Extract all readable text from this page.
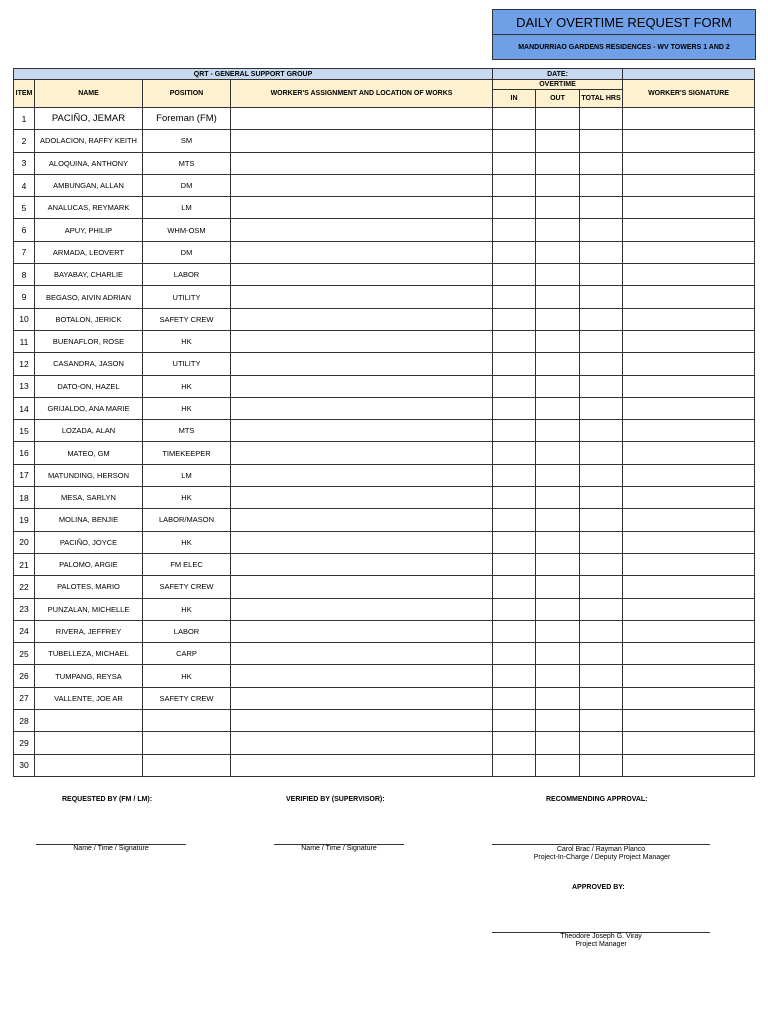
DAILY OVERTIME REQUEST FORM
MANDURRIAO GARDENS RESIDENCES - WV TOWERS 1 AND 2
QRT - GENERAL SUPPORT GROUP				DATE:			
ITEM	NAME	POSITION	WORKER'S ASSIGNMENT AND LOCATION OF WORKS	OVERTIME			WORKER'S SIGNATURE
				IN	OUT	TOTAL HRS	
1	PACIÑO, JEMAR	Foreman (FM)					
2	ADOLACION, RAFFY KEITH	SM					
3	ALOQUINA, ANTHONY	MTS					
4	AMBUNGAN, ALLAN	DM					
5	ANALUCAS, REYMARK	LM					
6	APUY, PHILIP	WHM-OSM					
7	ARMADA, LEOVERT	DM					
8	BAYABAY, CHARLIE	LABOR					
9	BEGASO, AIVIN ADRIAN	UTILITY					
10	BOTALON, JERICK	SAFETY CREW					
11	BUENAFLOR, ROSE	HK					
12	CASANDRA, JASON	UTILITY					
13	DATO-ON, HAZEL	HK					
14	GRIJALDO, ANA MARIE	HK					
15	LOZADA, ALAN	MTS					
16	MATEO, GM	TIMEKEEPER					
17	MATUNDING, HERSON	LM					
18	MESA, SARLYN	HK					
19	MOLINA, BENJIE	LABOR/MASON					
20	PACIÑO, JOYCE	HK					
21	PALOMO, ARGIE	FM ELEC					
22	PALOTES, MARIO	SAFETY CREW					
23	PUNZALAN, MICHELLE	HK					
24	RIVERA, JEFFREY	LABOR					
25	TUBELLEZA, MICHAEL	CARP					
26	TUMPANG, REYSA	HK					
27	VALLENTE, JOE AR	SAFETY CREW					
28							
29							
30							
REQUESTED BY (FM / LM):	VERIFIED BY (SUPERVISOR):	RECOMMENDING APPROVAL:
Name / Time / Signature	Name / Time / Signature	Carol Brac / Rayman Planco
Project-In-Charge / Deputy Project Manager
APPROVED BY:
Theodore Joseph G. Viray
Project Manager
